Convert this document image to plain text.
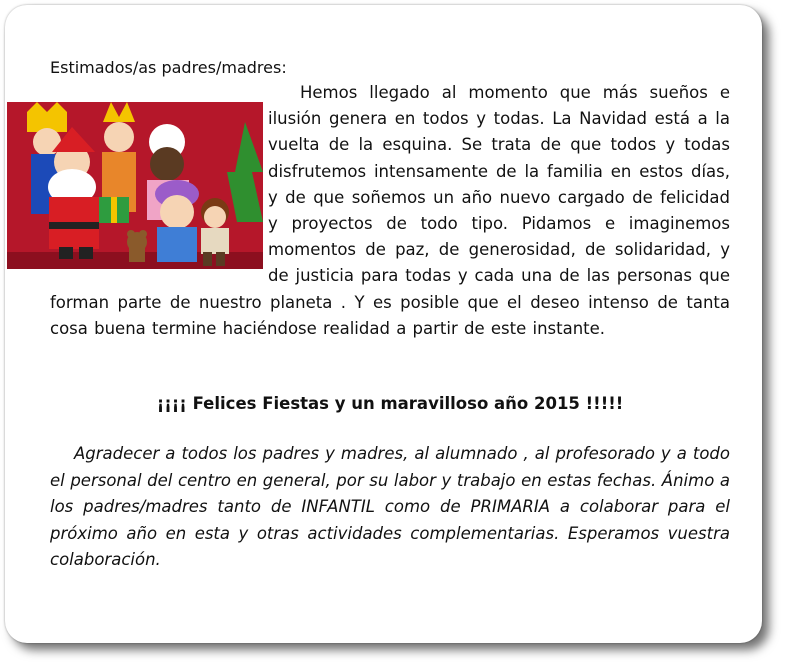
Estimados/as padres/madres:

Hemos llegado al momento que más sueños e ilusión genera en todos y todas. La Navidad está a la vuelta de la esquina. Se trata de que todos y todas disfrutemos intensamente de la familia en estos días, y de que soñemos un año nuevo cargado de felicidad y proyectos de todo tipo. Pidamos e imaginemos momentos de paz, de generosidad, de solidaridad, y de justicia para todas y cada una de las personas que forman parte de nuestro planeta . Y es posible que el deseo intenso de tanta cosa buena termine haciéndose realidad a partir de este instante.

¡¡¡¡ Felices Fiestas y un maravilloso año 2015 !!!!!

Agradecer a todos los padres y madres, al alumnado , al profesorado y a todo el personal del centro en general, por su labor y trabajo en estas fechas. Ánimo a los padres/madres tanto de INFANTIL como de PRIMARIA a colaborar para el próximo año en esta y otras actividades complementarias. Esperamos vuestra colaboración.
